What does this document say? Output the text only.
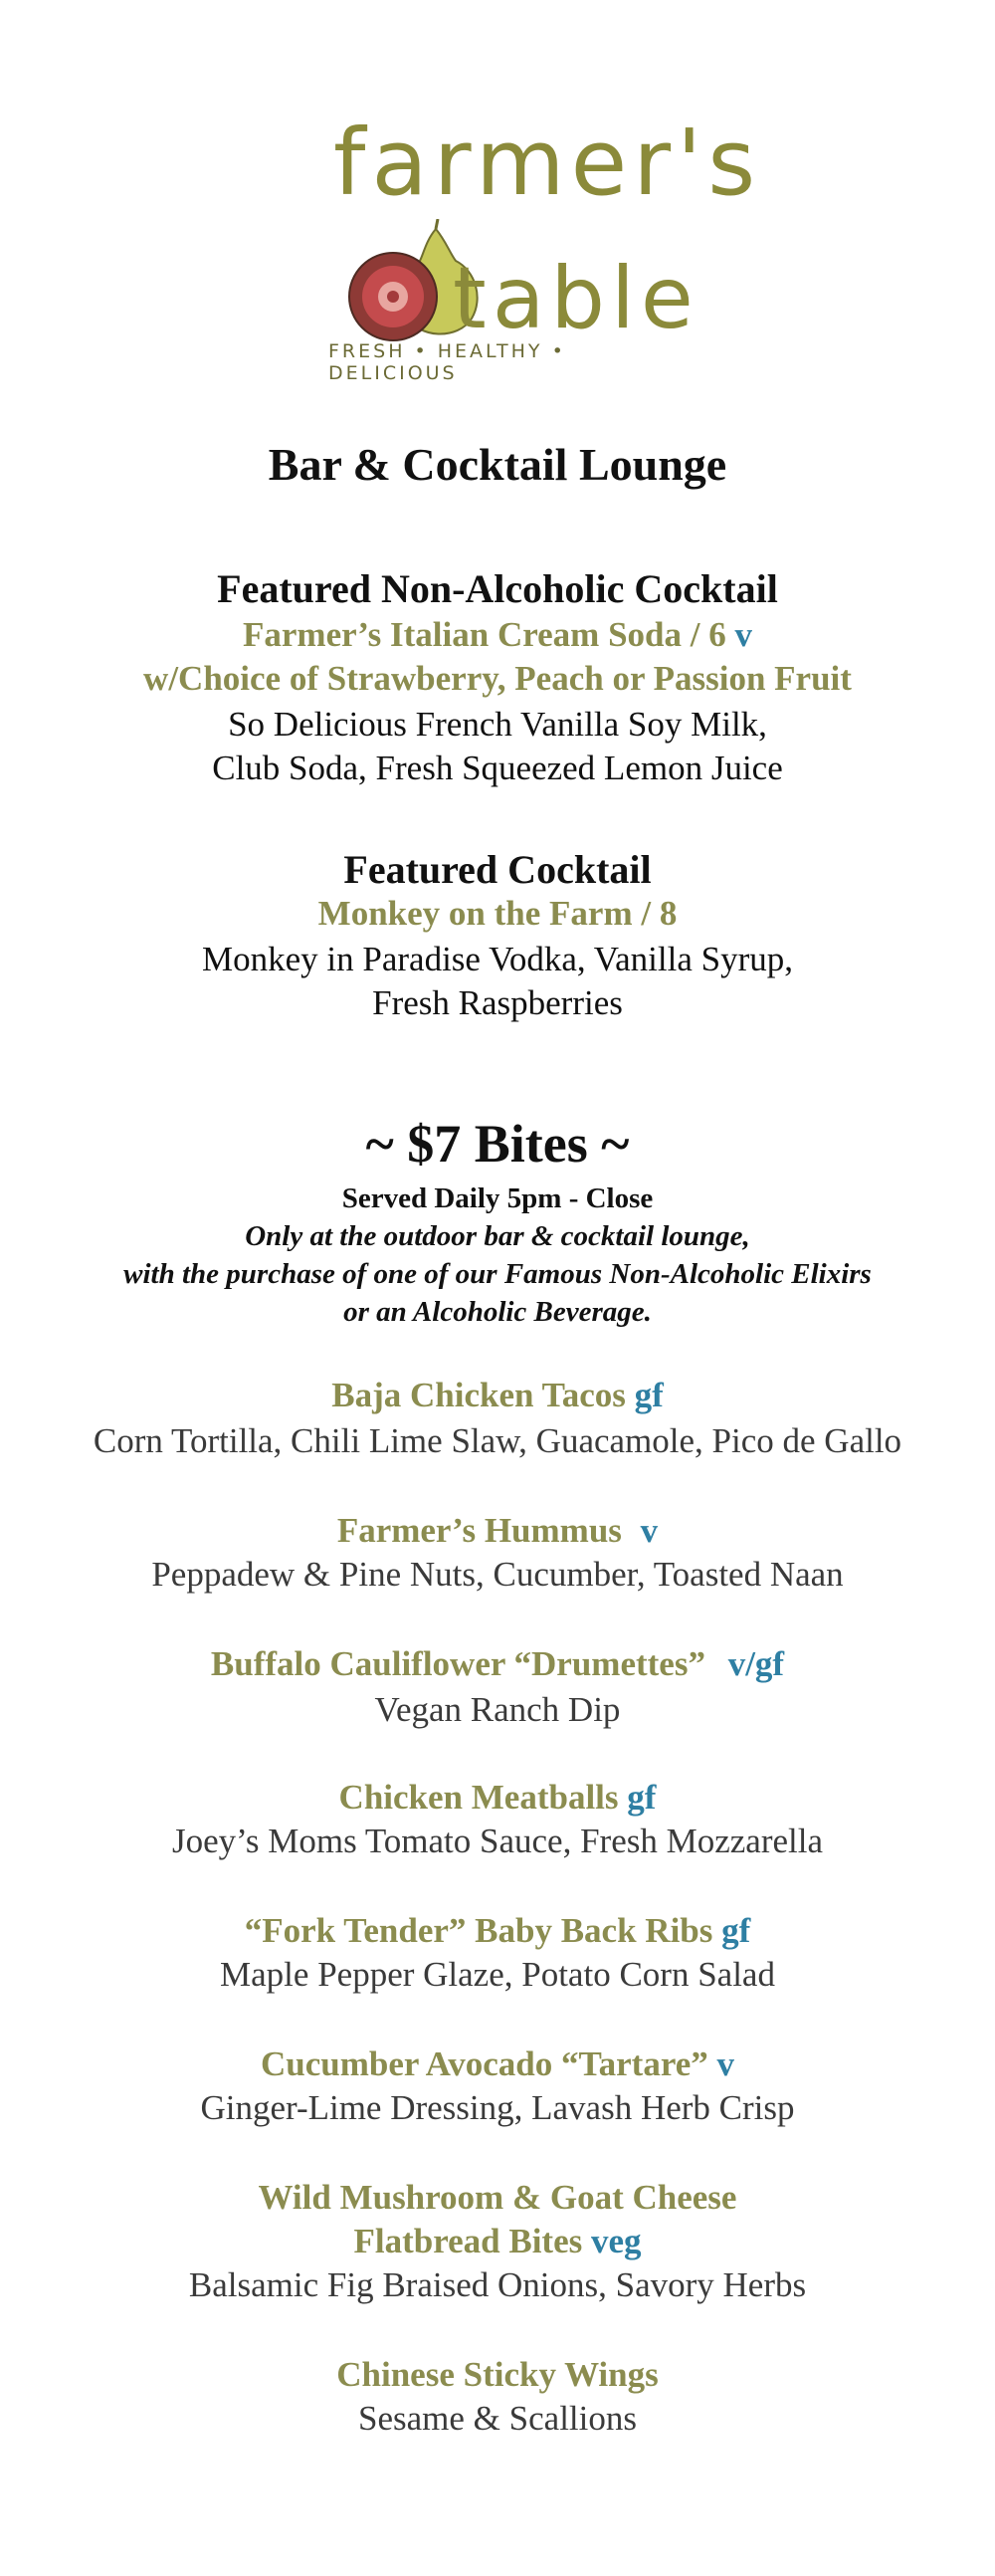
farmer's
table
FRESH • HEALTHY • DELICIOUS
Bar & Cocktail Lounge
Featured Non-Alcoholic Cocktail
Farmer’s Italian Cream Soda / 6 v
w/Choice of Strawberry, Peach or Passion Fruit
So Delicious French Vanilla Soy Milk,
Club Soda, Fresh Squeezed Lemon Juice
Featured Cocktail
Monkey on the Farm / 8
Monkey in Paradise Vodka, Vanilla Syrup,
Fresh Raspberries
~ $7 Bites ~
Served Daily 5pm - Close
Only at the outdoor bar & cocktail lounge,
with the purchase of one of our Famous Non-Alcoholic Elixirs
or an Alcoholic Beverage.
Baja Chicken Tacos gf
Corn Tortilla, Chili Lime Slaw, Guacamole, Pico de Gallo
Farmer’s Hummus v
Peppadew & Pine Nuts, Cucumber, Toasted Naan
Buffalo Cauliflower “Drumettes” v/gf
Vegan Ranch Dip
Chicken Meatballs gf
Joey’s Moms Tomato Sauce, Fresh Mozzarella
“Fork Tender” Baby Back Ribs gf
Maple Pepper Glaze, Potato Corn Salad
Cucumber Avocado “Tartare” v
Ginger-Lime Dressing, Lavash Herb Crisp
Wild Mushroom & Goat Cheese
Flatbread Bites veg
Balsamic Fig Braised Onions, Savory Herbs
Chinese Sticky Wings
Sesame & Scallions
